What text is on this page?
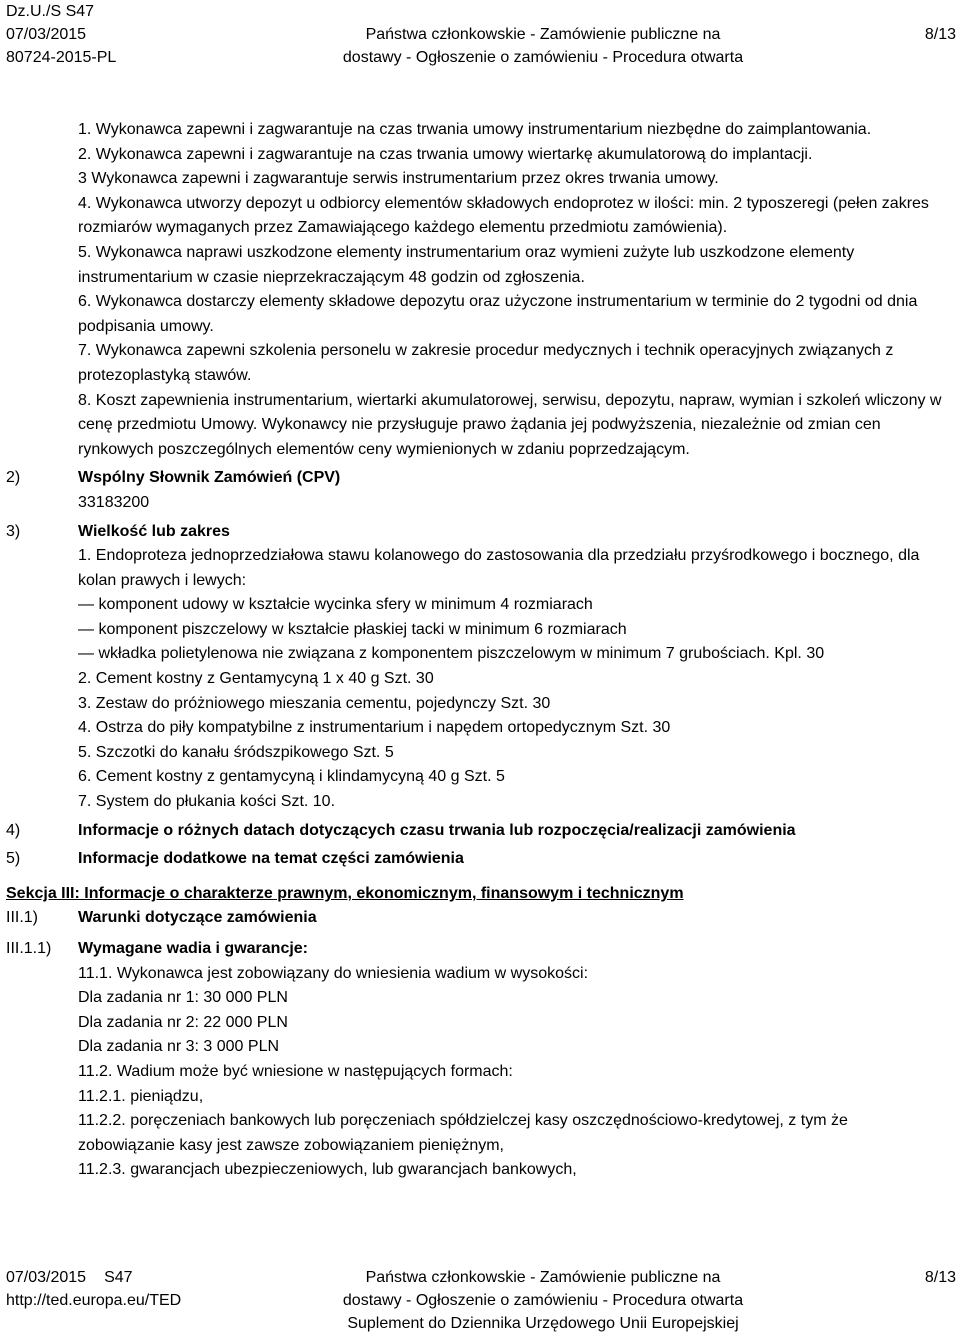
Dz.U./S S47
07/03/2015
80724-2015-PL
Państwa członkowskie - Zamówienie publiczne na
dostawy - Ogłoszenie o zamówieniu - Procedura otwarta
8/13
1. Wykonawca zapewni i zagwarantuje na czas trwania umowy instrumentarium niezbędne do zaimplantowania.
2. Wykonawca zapewni i zagwarantuje na czas trwania umowy wiertarkę akumulatorową do implantacji.
3 Wykonawca zapewni i zagwarantuje serwis instrumentarium przez okres trwania umowy.
4. Wykonawca utworzy depozyt u odbiorcy elementów składowych endoprotez w ilości: min. 2 typoszeregi (pełen zakres rozmiarów wymaganych przez Zamawiającego każdego elementu przedmiotu zamówienia).
5. Wykonawca naprawi uszkodzone elementy instrumentarium oraz wymieni zużyte lub uszkodzone elementy instrumentarium w czasie nieprzekraczającym 48 godzin od zgłoszenia.
6. Wykonawca dostarczy elementy składowe depozytu oraz użyczone instrumentarium w terminie do 2 tygodni od dnia podpisania umowy.
7. Wykonawca zapewni szkolenia personelu w zakresie procedur medycznych i technik operacyjnych związanych z protezoplastyką stawów.
8. Koszt zapewnienia instrumentarium, wiertarki akumulatorowej, serwisu, depozytu, napraw, wymian i szkoleń wliczony w cenę przedmiotu Umowy. Wykonawcy nie przysługuje prawo żądania jej podwyższenia, niezależnie od zmian cen rynkowych poszczególnych elementów ceny wymienionych w zdaniu poprzedzającym.
2)	Wspólny Słownik Zamówień (CPV)
33183200
3)	Wielkość lub zakres
1. Endoproteza jednoprzedziałowa stawu kolanowego do zastosowania dla przedziału przyśrodkowego i bocznego, dla kolan prawych i lewych:
— komponent udowy w kształcie wycinka sfery w minimum 4 rozmiarach
— komponent piszczelowy w kształcie płaskiej tacki w minimum 6 rozmiarach
— wkładka polietylenowa nie związana z komponentem piszczelowym w minimum 7 grubościach. Kpl. 30
2. Cement kostny z Gentamycyną 1 x 40 g Szt. 30
3. Zestaw do próżniowego mieszania cementu, pojedynczy Szt. 30
4. Ostrza do piły kompatybilne z instrumentarium i napędem ortopedycznym Szt. 30
5. Szczotki do kanału śródszpikowego Szt. 5
6. Cement kostny z gentamycyną i klindamycyną 40 g Szt. 5
7. System do płukania kości Szt. 10.
4)	Informacje o różnych datach dotyczących czasu trwania lub rozpoczęcia/realizacji zamówienia
5)	Informacje dodatkowe na temat części zamówienia
Sekcja III: Informacje o charakterze prawnym, ekonomicznym, finansowym i technicznym
III.1)	Warunki dotyczące zamówienia
III.1.1)	Wymagane wadia i gwarancje:
11.1. Wykonawca jest zobowiązany do wniesienia wadium w wysokości:
Dla zadania nr 1: 30 000 PLN
Dla zadania nr 2: 22 000 PLN
Dla zadania nr 3: 3 000 PLN
11.2. Wadium może być wniesione w następujących formach:
11.2.1. pieniądzu,
11.2.2. poręczeniach bankowych lub poręczeniach spółdzielczej kasy oszczędnościowo-kredytowej, z tym że zobowiązanie kasy jest zawsze zobowiązaniem pieniężnym,
11.2.3. gwarancjach ubezpieczeniowych, lub gwarancjach bankowych,
07/03/2015 S47
http://ted.europa.eu/TED
Państwa członkowskie - Zamówienie publiczne na
dostawy - Ogłoszenie o zamówieniu - Procedura otwarta
Suplement do Dziennika Urzędowego Unii Europejskiej
8/13
